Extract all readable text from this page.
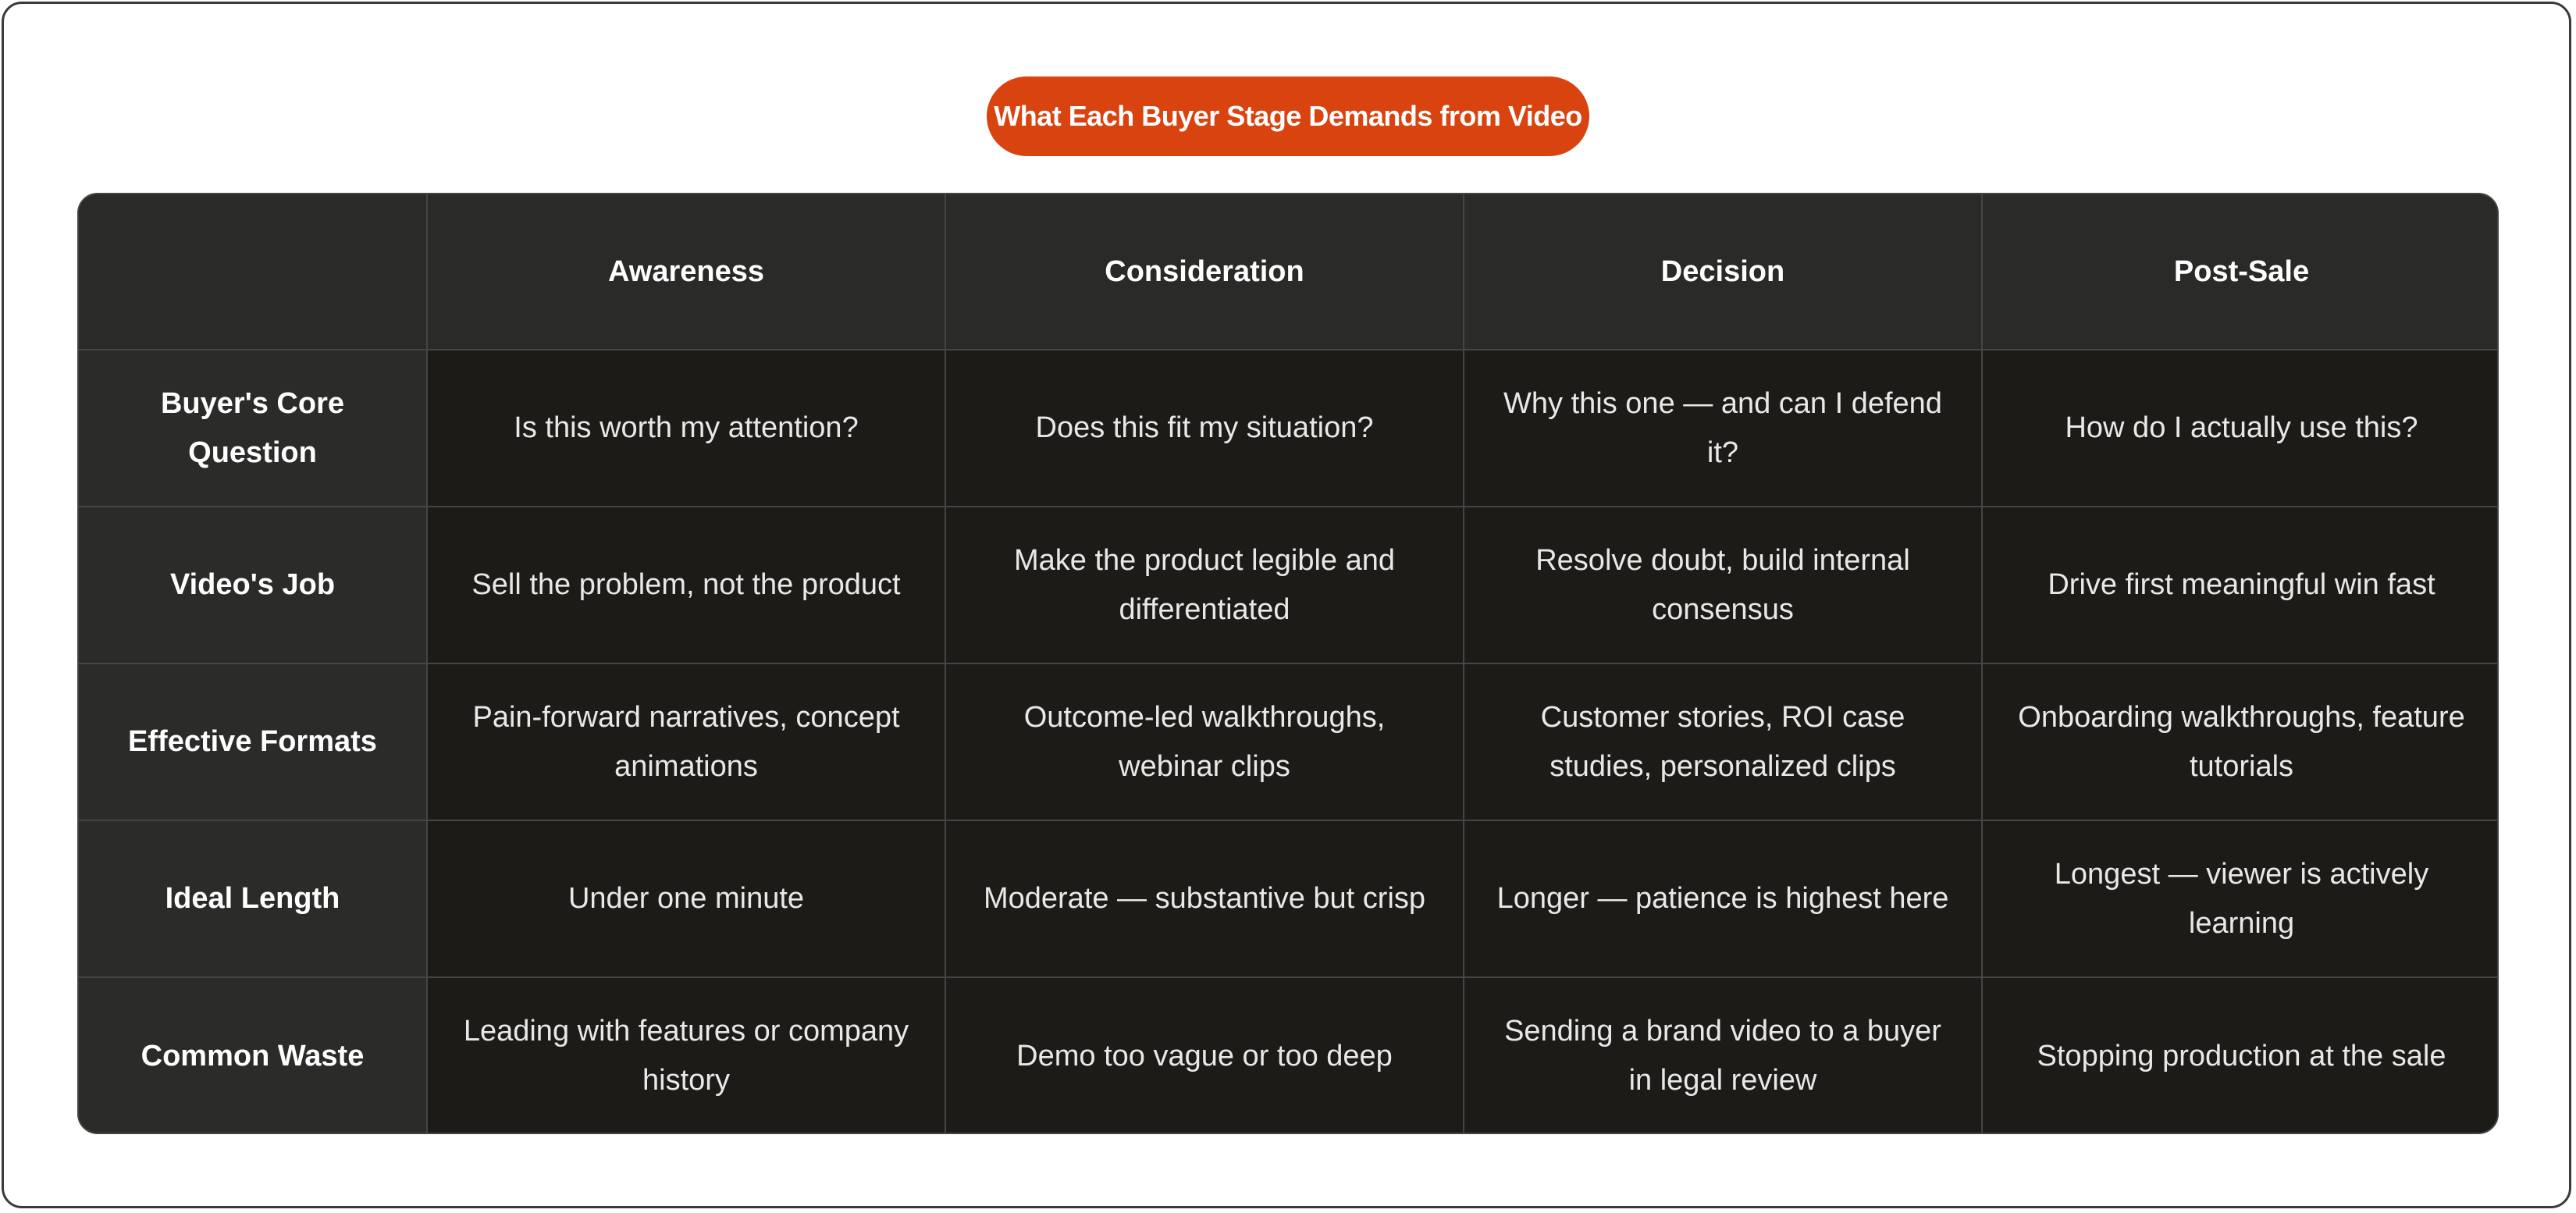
What Each Buyer Stage Demands from Video
	Awareness	Consideration	Decision	Post-Sale
Buyer's Core Question	Is this worth my attention?	Does this fit my situation?	Why this one — and can I defend it?	How do I actually use this?
Video's Job	Sell the problem, not the product	Make the product legible and differentiated	Resolve doubt, build internal consensus	Drive first meaningful win fast
Effective Formats	Pain-forward narratives, concept animations	Outcome-led walkthroughs, webinar clips	Customer stories, ROI case studies, personalized clips	Onboarding walkthroughs, feature tutorials
Ideal Length	Under one minute	Moderate — substantive but crisp	Longer — patience is highest here	Longest — viewer is actively learning
Common Waste	Leading with features or company history	Demo too vague or too deep	Sending a brand video to a buyer in legal review	Stopping production at the sale
